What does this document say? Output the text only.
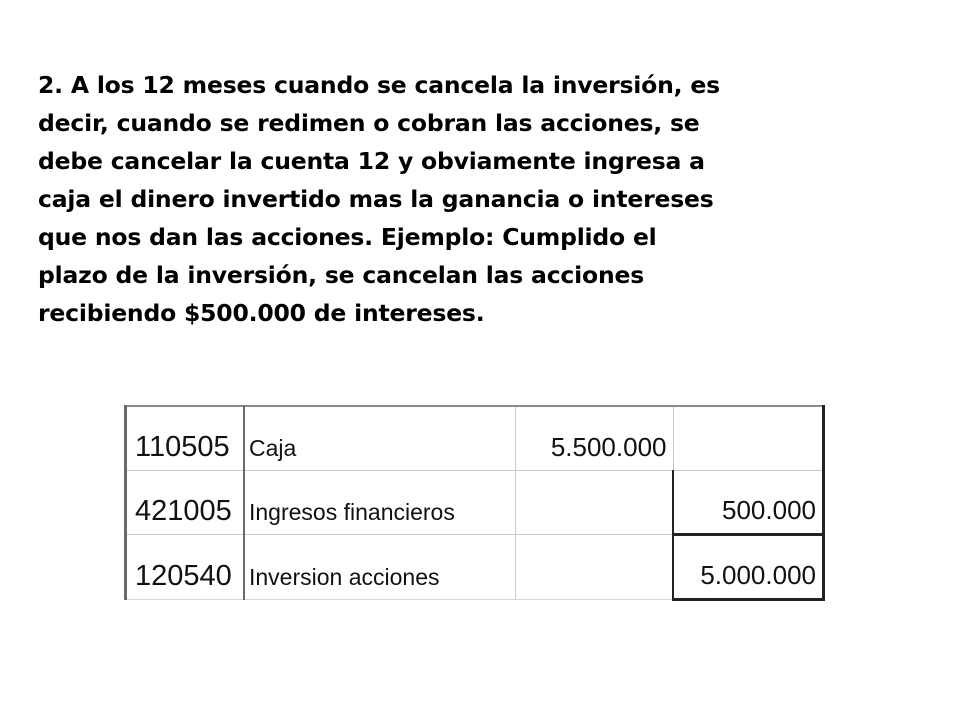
2. A los 12 meses cuando se cancela la inversión, es
decir, cuando se redimen o cobran las acciones, se
debe cancelar la cuenta 12 y obviamente ingresa a
caja el dinero invertido mas la ganancia o intereses
que nos dan las acciones. Ejemplo: Cumplido el
plazo de la inversión, se cancelan las acciones
recibiendo $500.000 de intereses.

110505	Caja	5.500.000	
421005	Ingresos financieros		500.000
120540	Inversion acciones		5.000.000
